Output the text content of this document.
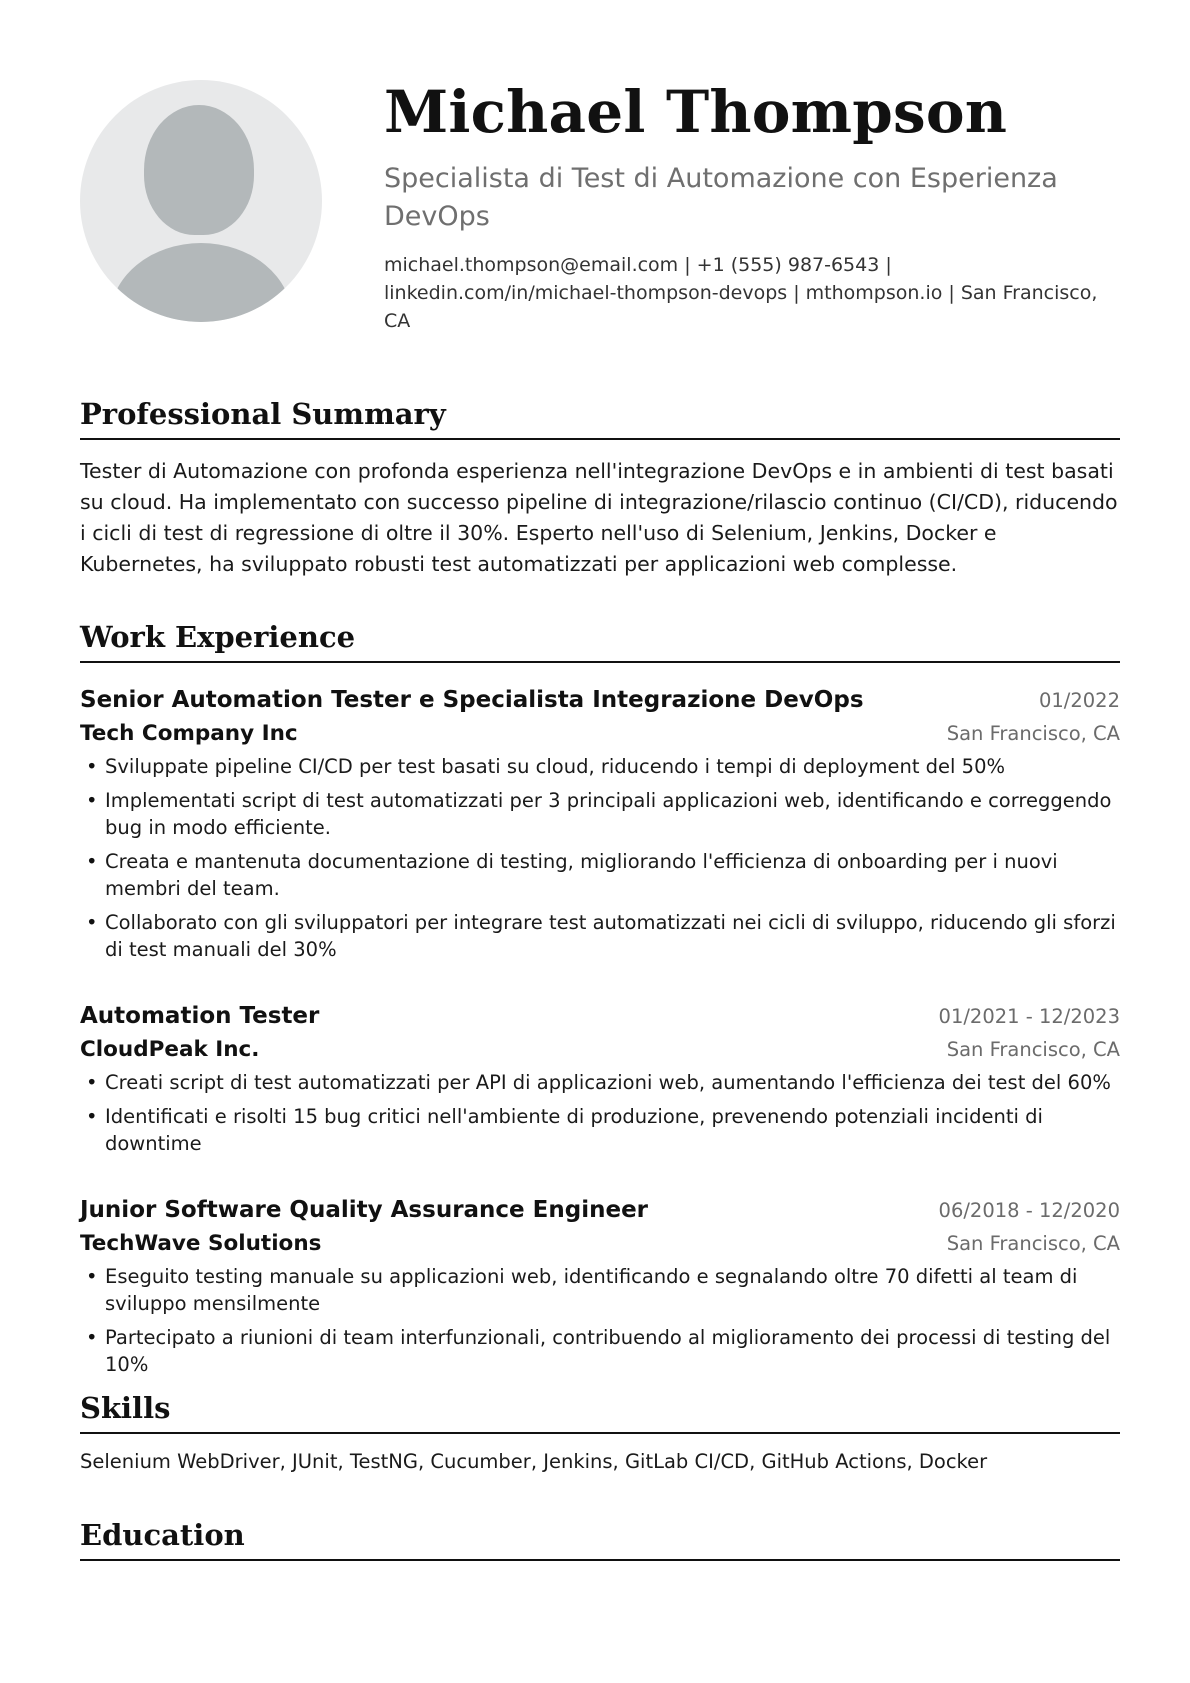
Michael Thompson
Specialista di Test di Automazione con Esperienza DevOps
michael.thompson@email.com | +1 (555) 987-6543 | linkedin.com/in/michael-thompson-devops | mthompson.io | San Francisco, CA
Professional Summary
Tester di Automazione con profonda esperienza nell'integrazione DevOps e in ambienti di test basati su cloud. Ha implementato con successo pipeline di integrazione/rilascio continuo (CI/CD), riducendo i cicli di test di regressione di oltre il 30%. Esperto nell'uso di Selenium, Jenkins, Docker e Kubernetes, ha sviluppato robusti test automatizzati per applicazioni web complesse.
Work Experience
Senior Automation Tester e Specialista Integrazione DevOps	01/2022
Tech Company Inc	San Francisco, CA
• Sviluppate pipeline CI/CD per test basati su cloud, riducendo i tempi di deployment del 50%
• Implementati script di test automatizzati per 3 principali applicazioni web, identificando e correggendo bug in modo efficiente.
• Creata e mantenuta documentazione di testing, migliorando l'efficienza di onboarding per i nuovi membri del team.
• Collaborato con gli sviluppatori per integrare test automatizzati nei cicli di sviluppo, riducendo gli sforzi di test manuali del 30%
Automation Tester	01/2021 - 12/2023
CloudPeak Inc.	San Francisco, CA
• Creati script di test automatizzati per API di applicazioni web, aumentando l'efficienza dei test del 60%
• Identificati e risolti 15 bug critici nell'ambiente di produzione, prevenendo potenziali incidenti di downtime
Junior Software Quality Assurance Engineer	06/2018 - 12/2020
TechWave Solutions	San Francisco, CA
• Eseguito testing manuale su applicazioni web, identificando e segnalando oltre 70 difetti al team di sviluppo mensilmente
• Partecipato a riunioni di team interfunzionali, contribuendo al miglioramento dei processi di testing del 10%
Skills
Selenium WebDriver, JUnit, TestNG, Cucumber, Jenkins, GitLab CI/CD, GitHub Actions, Docker
Education
